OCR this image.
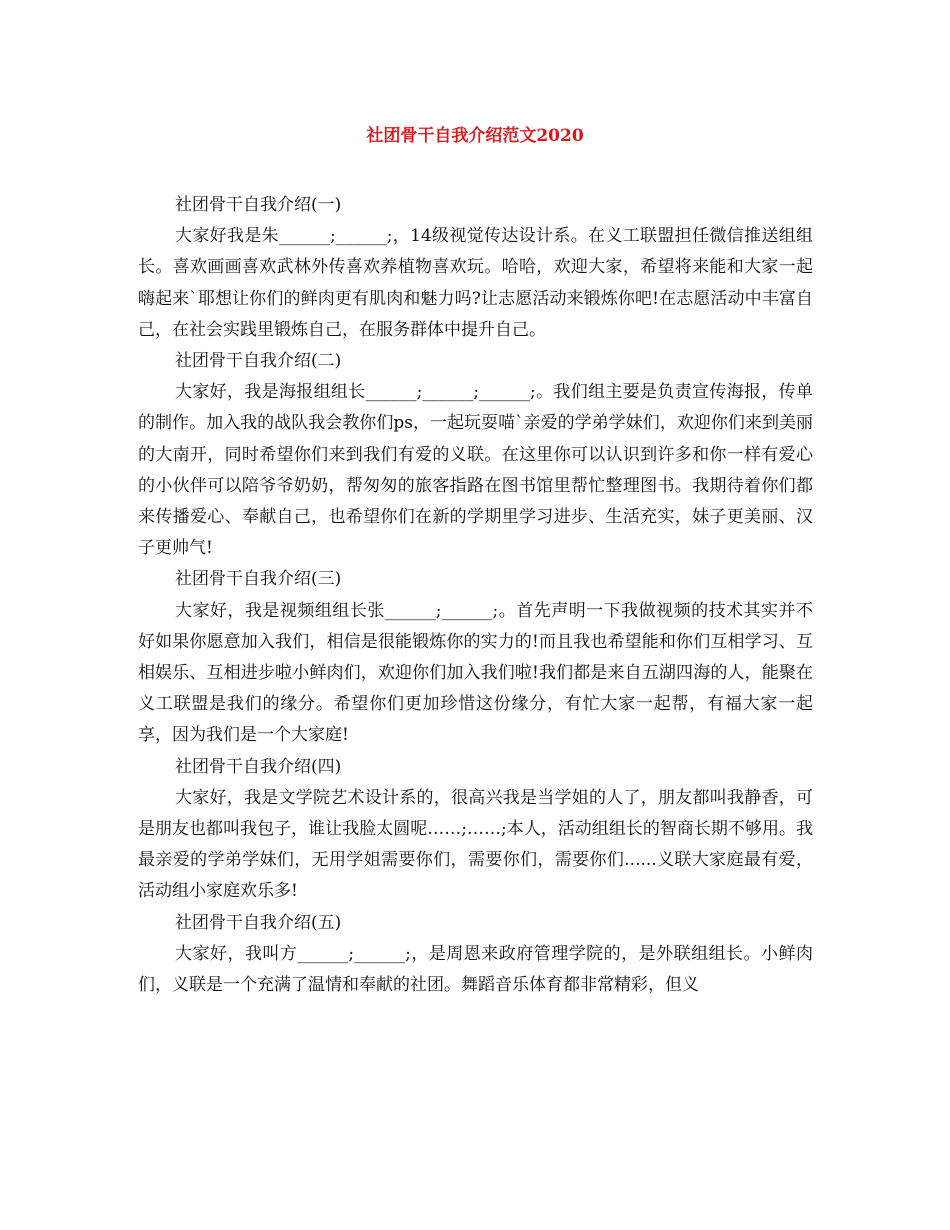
社团骨干自我介绍范文2020

社团骨干自我介绍(一)

大家好我是朱______;______;，14级视觉传达设计系。在义工联盟担任微信推送组组长。喜欢画画喜欢武林外传喜欢养植物喜欢玩。哈哈，欢迎大家，希望将来能和大家一起嗨起来`耶想让你们的鲜肉更有肌肉和魅力吗?让志愿活动来锻炼你吧!在志愿活动中丰富自己，在社会实践里锻炼自己，在服务群体中提升自己。

社团骨干自我介绍(二)

大家好，我是海报组组长______;______;______;。我们组主要是负责宣传海报，传单的制作。加入我的战队我会教你们ps，一起玩耍喵`亲爱的学弟学妹们，欢迎你们来到美丽的大南开，同时希望你们来到我们有爱的义联。在这里你可以认识到许多和你一样有爱心的小伙伴可以陪爷爷奶奶，帮匆匆的旅客指路在图书馆里帮忙整理图书。我期待着你们都来传播爱心、奉献自己，也希望你们在新的学期里学习进步、生活充实，妹子更美丽、汉子更帅气!

社团骨干自我介绍(三)

大家好，我是视频组组长张______;______;。首先声明一下我做视频的技术其实并不好如果你愿意加入我们，相信是很能锻炼你的实力的!而且我也希望能和你们互相学习、互相娱乐、互相进步啦小鲜肉们，欢迎你们加入我们啦!我们都是来自五湖四海的人，能聚在义工联盟是我们的缘分。希望你们更加珍惜这份缘分，有忙大家一起帮，有福大家一起享，因为我们是一个大家庭!

社团骨干自我介绍(四)

大家好，我是文学院艺术设计系的，很高兴我是当学姐的人了，朋友都叫我静香，可是朋友也都叫我包子，谁让我脸太圆呢……;……;本人，活动组组长的智商长期不够用。我最亲爱的学弟学妹们，无用学姐需要你们，需要你们，需要你们......义联大家庭最有爱，活动组小家庭欢乐多!

社团骨干自我介绍(五)

大家好，我叫方______;______;，是周恩来政府管理学院的，是外联组组长。小鲜肉们，义联是一个充满了温情和奉献的社团。舞蹈音乐体育都非常精彩，但义
